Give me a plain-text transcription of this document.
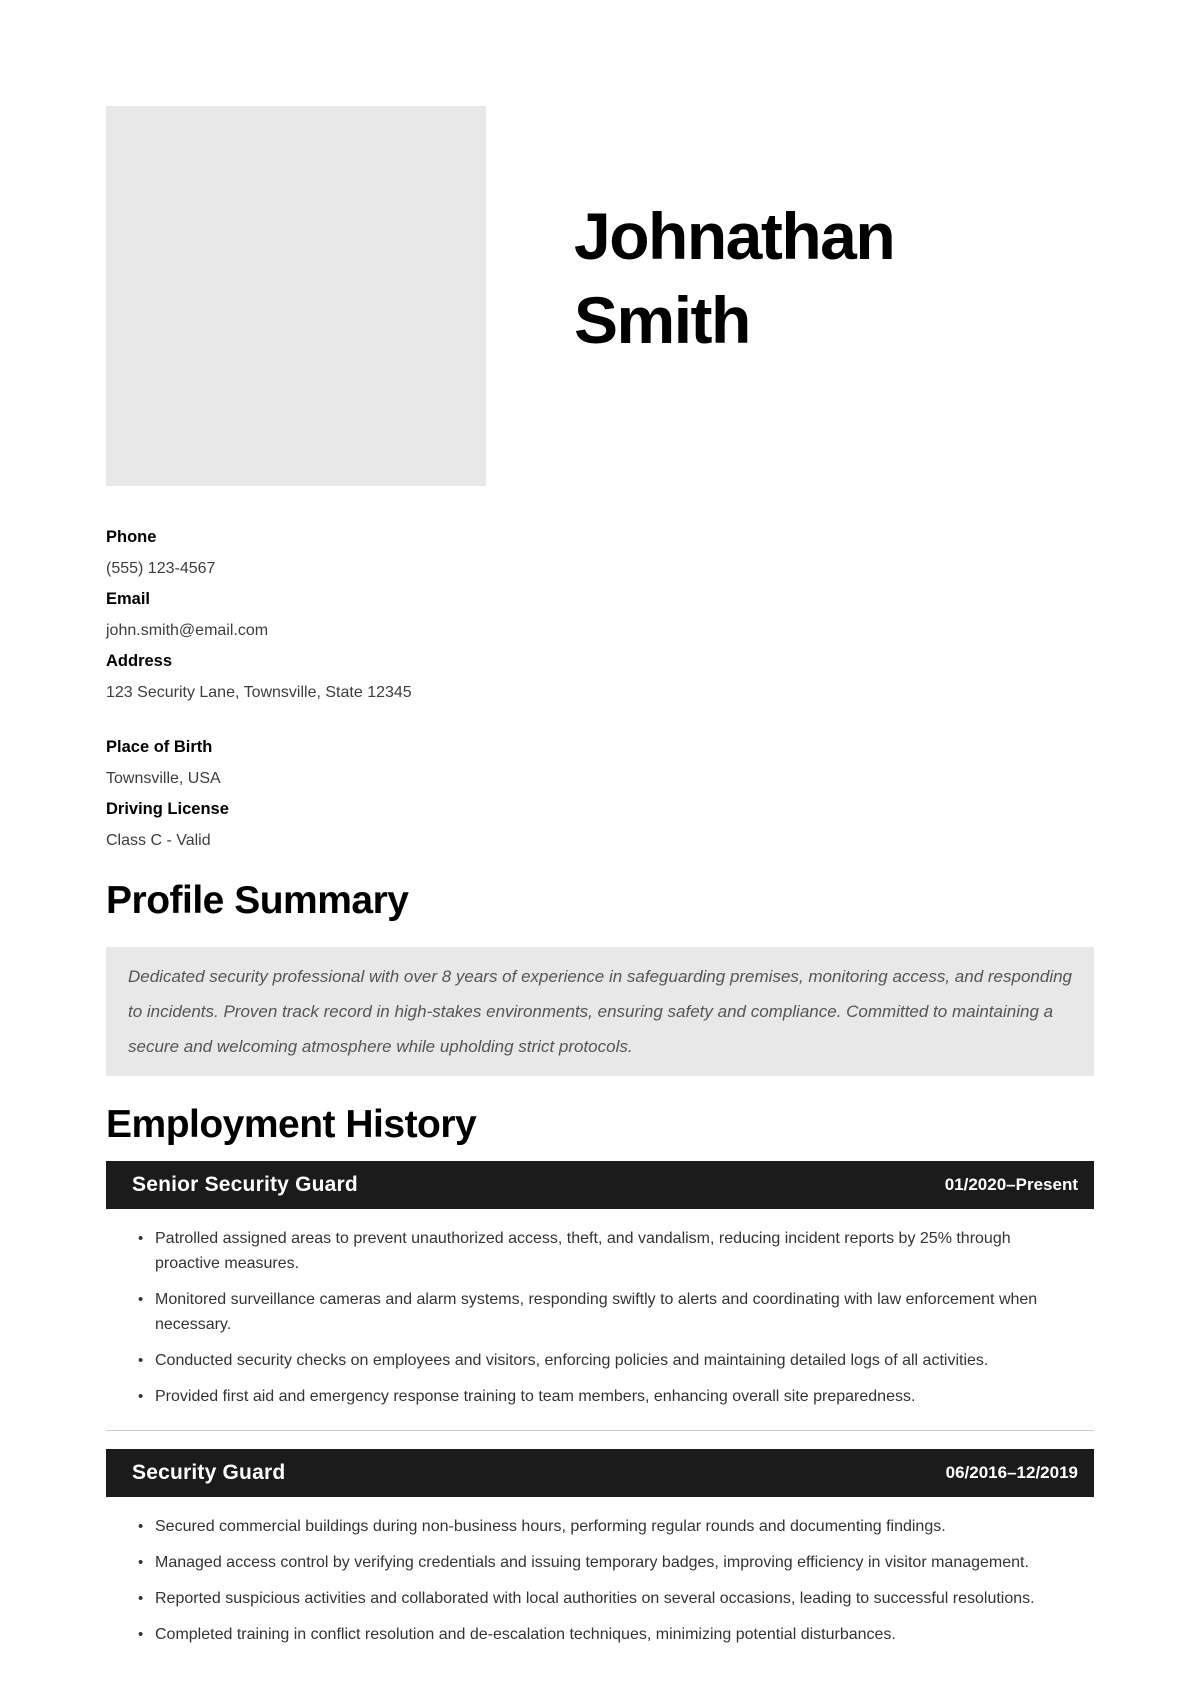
Johnathan Smith
Phone
(555) 123-4567
Email
john.smith@email.com
Address
123 Security Lane, Townsville, State 12345
Place of Birth
Townsville, USA
Driving License
Class C - Valid
Profile Summary
Dedicated security professional with over 8 years of experience in safeguarding premises, monitoring access, and responding to incidents. Proven track record in high-stakes environments, ensuring safety and compliance. Committed to maintaining a secure and welcoming atmosphere while upholding strict protocols.
Employment History
Senior Security Guard	01/2020–Present
• Patrolled assigned areas to prevent unauthorized access, theft, and vandalism, reducing incident reports by 25% through proactive measures.
• Monitored surveillance cameras and alarm systems, responding swiftly to alerts and coordinating with law enforcement when necessary.
• Conducted security checks on employees and visitors, enforcing policies and maintaining detailed logs of all activities.
• Provided first aid and emergency response training to team members, enhancing overall site preparedness.
Security Guard	06/2016–12/2019
• Secured commercial buildings during non-business hours, performing regular rounds and documenting findings.
• Managed access control by verifying credentials and issuing temporary badges, improving efficiency in visitor management.
• Reported suspicious activities and collaborated with local authorities on several occasions, leading to successful resolutions.
• Completed training in conflict resolution and de-escalation techniques, minimizing potential disturbances.
